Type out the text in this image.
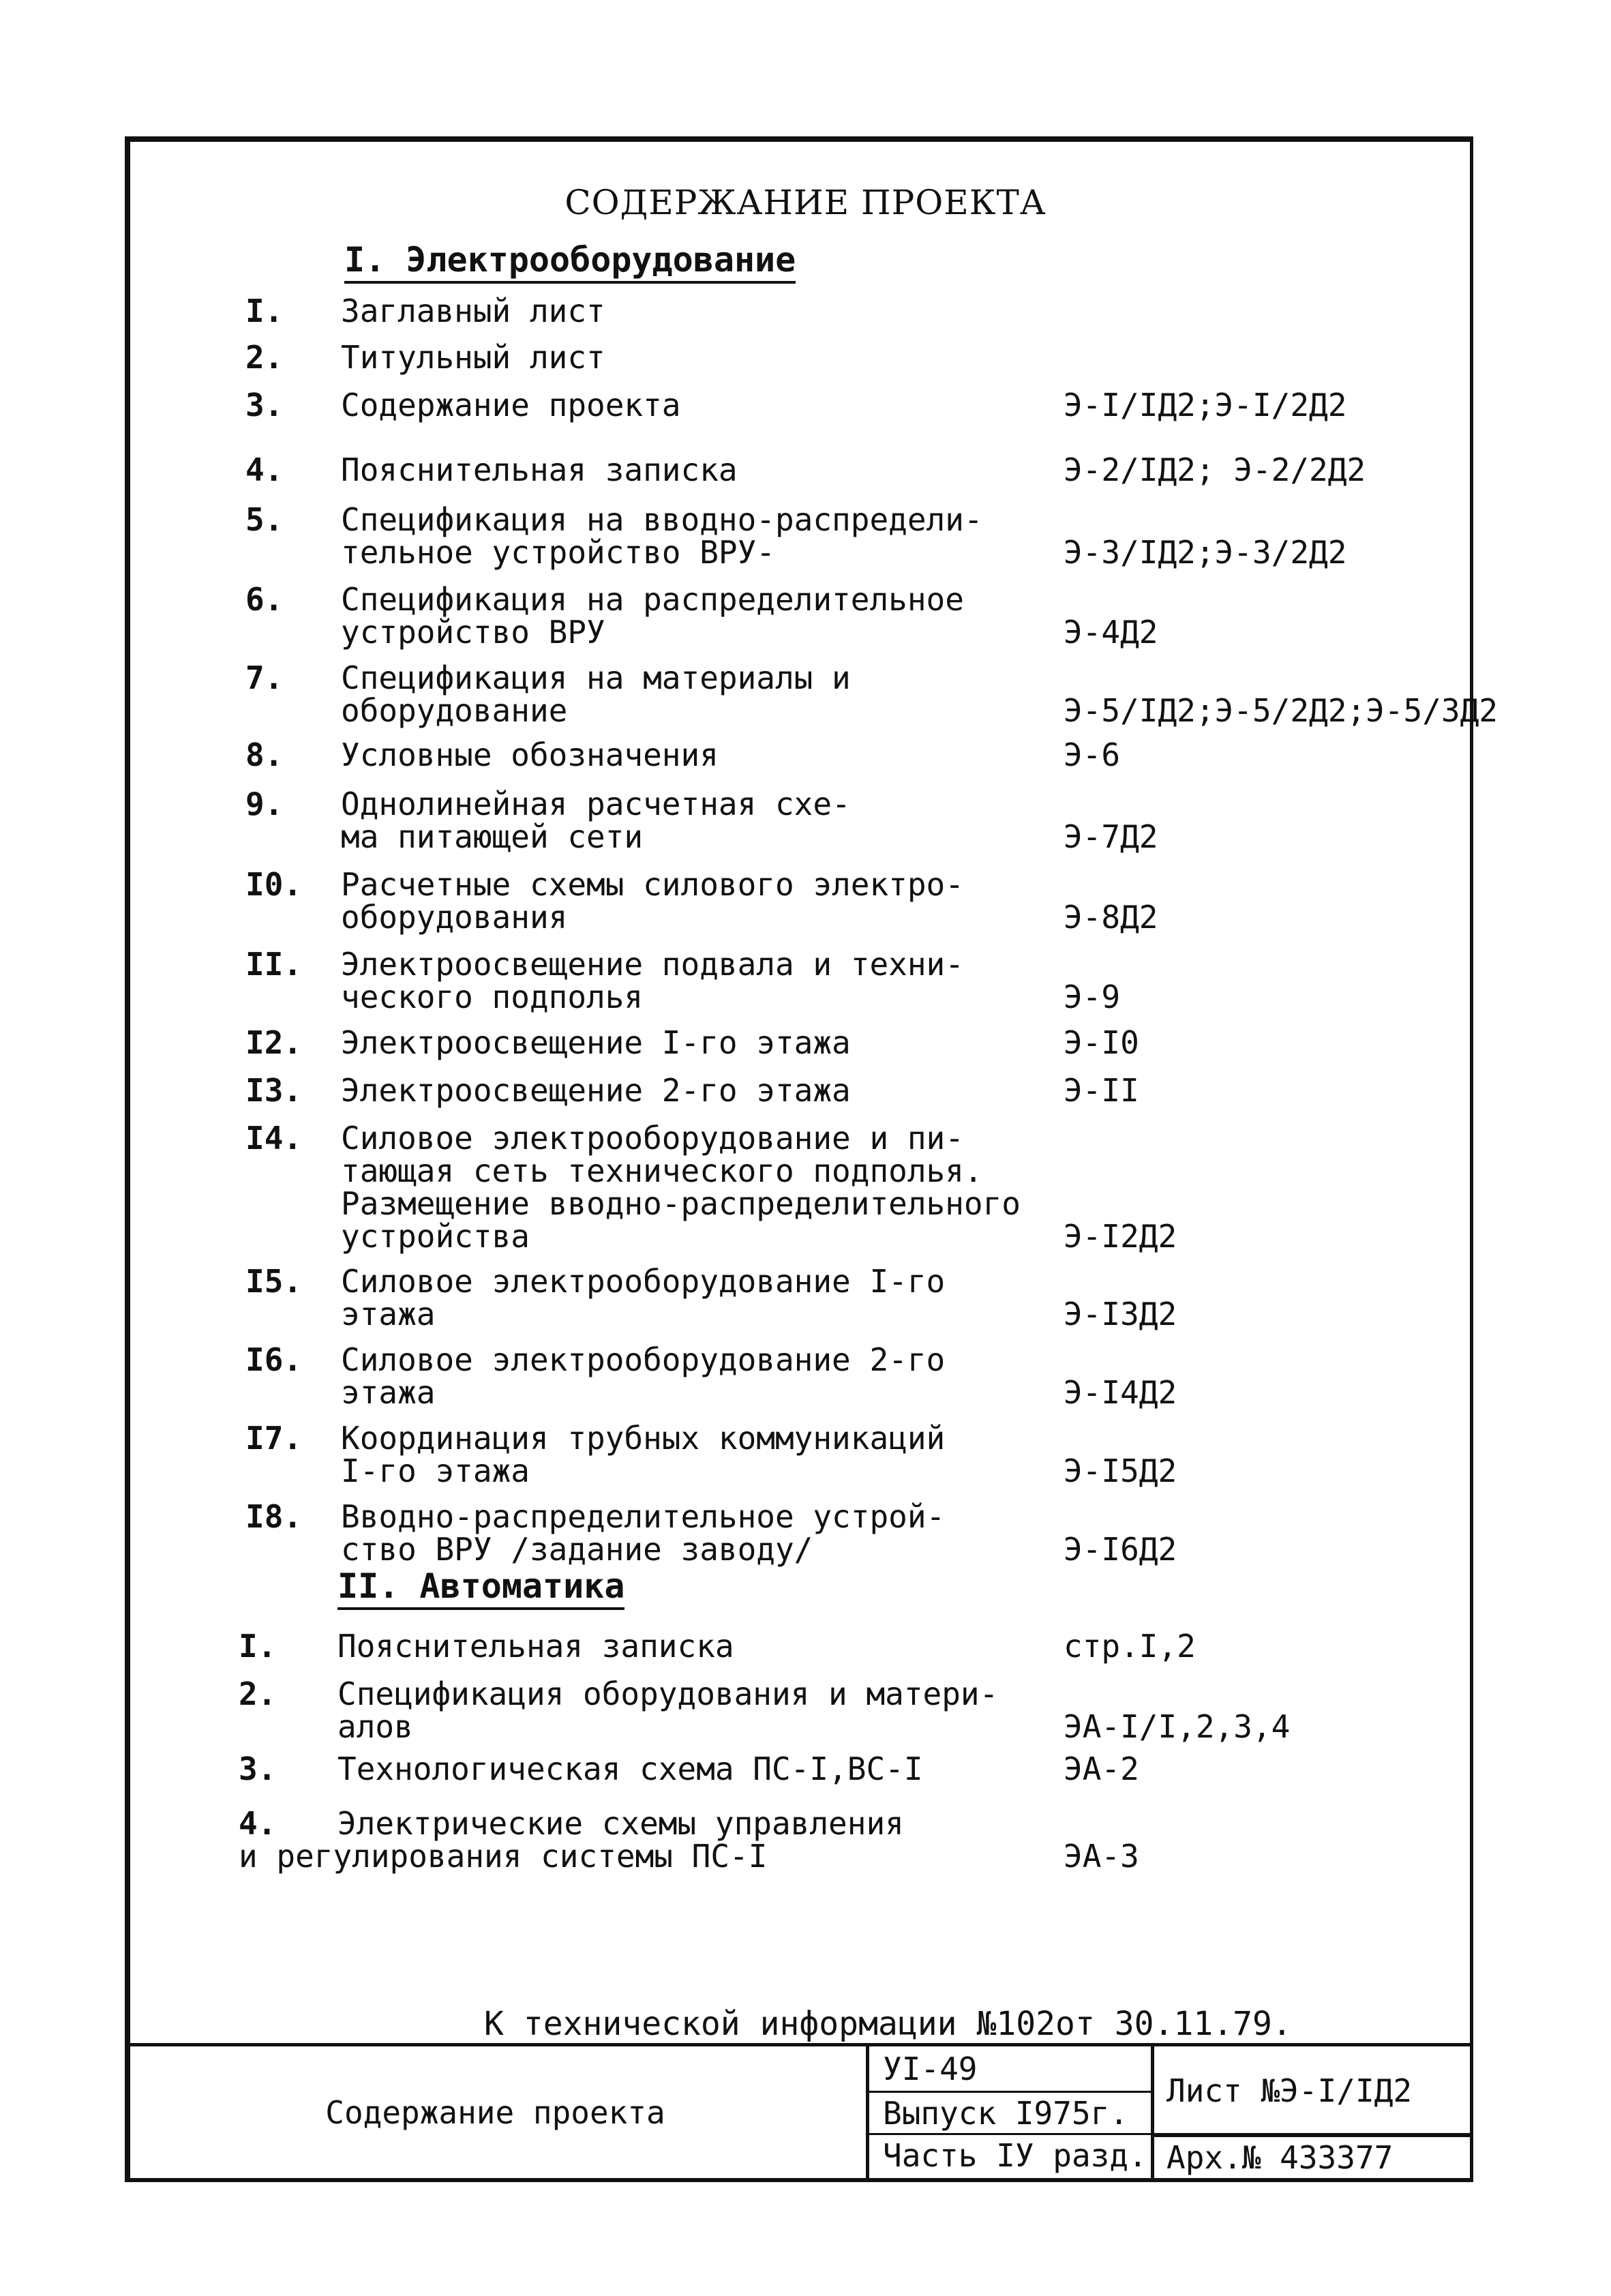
СОДЕРЖАНИЕ ПРОЕКТА
I. Электрооборудование
I. Заглавный лист
2. Титульный лист
3. Содержание проекта	Э-I/IД2;Э-I/2Д2
4. Пояснительная записка	Э-2/IД2; Э-2/2Д2
5. Спецификация на вводно-распредели-
тельное устройство ВРУ-	Э-3/IД2;Э-3/2Д2
6. Спецификация на распределительное
устройство ВРУ	Э-4Д2
7. Спецификация на материалы и
оборудование	Э-5/IД2;Э-5/2Д2;Э-5/3Д2
8. Условные обозначения	Э-6
9. Однолинейная расчетная схе-
ма питающей сети	Э-7Д2
I0. Расчетные схемы силового электро-
оборудования	Э-8Д2
II. Электроосвещение подвала и техни-
ческого подполья	Э-9
I2. Электроосвещение I-го этажа	Э-I0
I3. Электроосвещение 2-го этажа	Э-II
I4. Силовое электрооборудование и пи-
тающая сеть технического подполья.
Размещение вводно-распределительного
устройства	Э-I2Д2
I5. Силовое электрооборудование I-го
этажа	Э-I3Д2
I6. Силовое электрооборудование 2-го
этажа	Э-I4Д2
I7. Координация трубных коммуникаций
I-го этажа	Э-I5Д2
I8. Вводно-распределительное устрой-
ство ВРУ /задание заводу/	Э-I6Д2
II. Автоматика
I. Пояснительная записка	стр.I,2
2. Спецификация оборудования и матери-
алов	ЭА-I/I,2,3,4
3. Технологическая схема ПС-I,ВС-I	ЭА-2
4.	Электрические схемы управления
и регулирования системы ПС-I	ЭА-3
К технической информации №102от 30.11.79.
Содержание проекта
УI-49
Выпуск I975г.
Часть IУ разд.
Лист №Э-I/IД2
Арх.№ 433377
